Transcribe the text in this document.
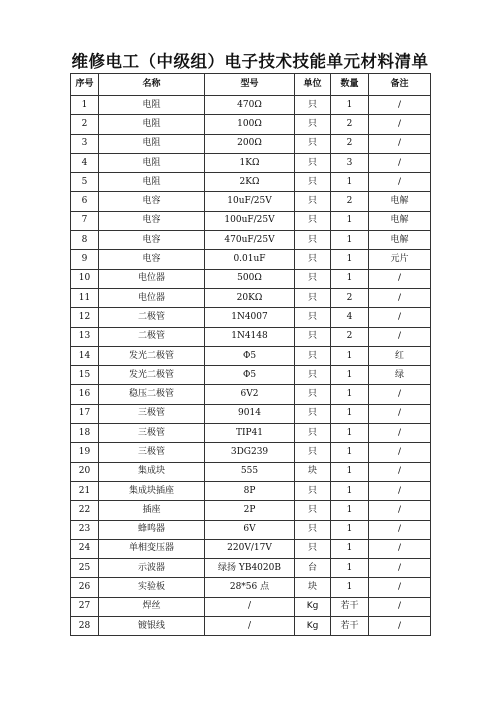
维修电工（中级组）电子技术技能单元材料清单
序号	名称	型号	单位	数量	备注
1	电阻	470Ω	只	1	/
2	电阻	100Ω	只	2	/
3	电阻	200Ω	只	2	/
4	电阻	1KΩ	只	3	/
5	电阻	2KΩ	只	1	/
6	电容	10uF/25V	只	2	电解
7	电容	100uF/25V	只	1	电解
8	电容	470uF/25V	只	1	电解
9	电容	0.01uF	只	1	元片
10	电位器	500Ω	只	1	/
11	电位器	20KΩ	只	2	/
12	二极管	1N4007	只	4	/
13	二极管	1N4148	只	2	/
14	发光二极管	Φ5	只	1	红
15	发光二极管	Φ5	只	1	绿
16	稳压二极管	6V2	只	1	/
17	三极管	9014	只	1	/
18	三极管	TIP41	只	1	/
19	三极管	3DG239	只	1	/
20	集成块	555	块	1	/
21	集成块插座	8P	只	1	/
22	插座	2P	只	1	/
23	蜂鸣器	6V	只	1	/
24	单相变压器	220V/17V	只	1	/
25	示波器	绿扬 YB4020B	台	1	/
26	实验板	28*56 点	块	1	/
27	焊丝	/	Kg	若干	/
28	镀银线	/	Kg	若干	/
